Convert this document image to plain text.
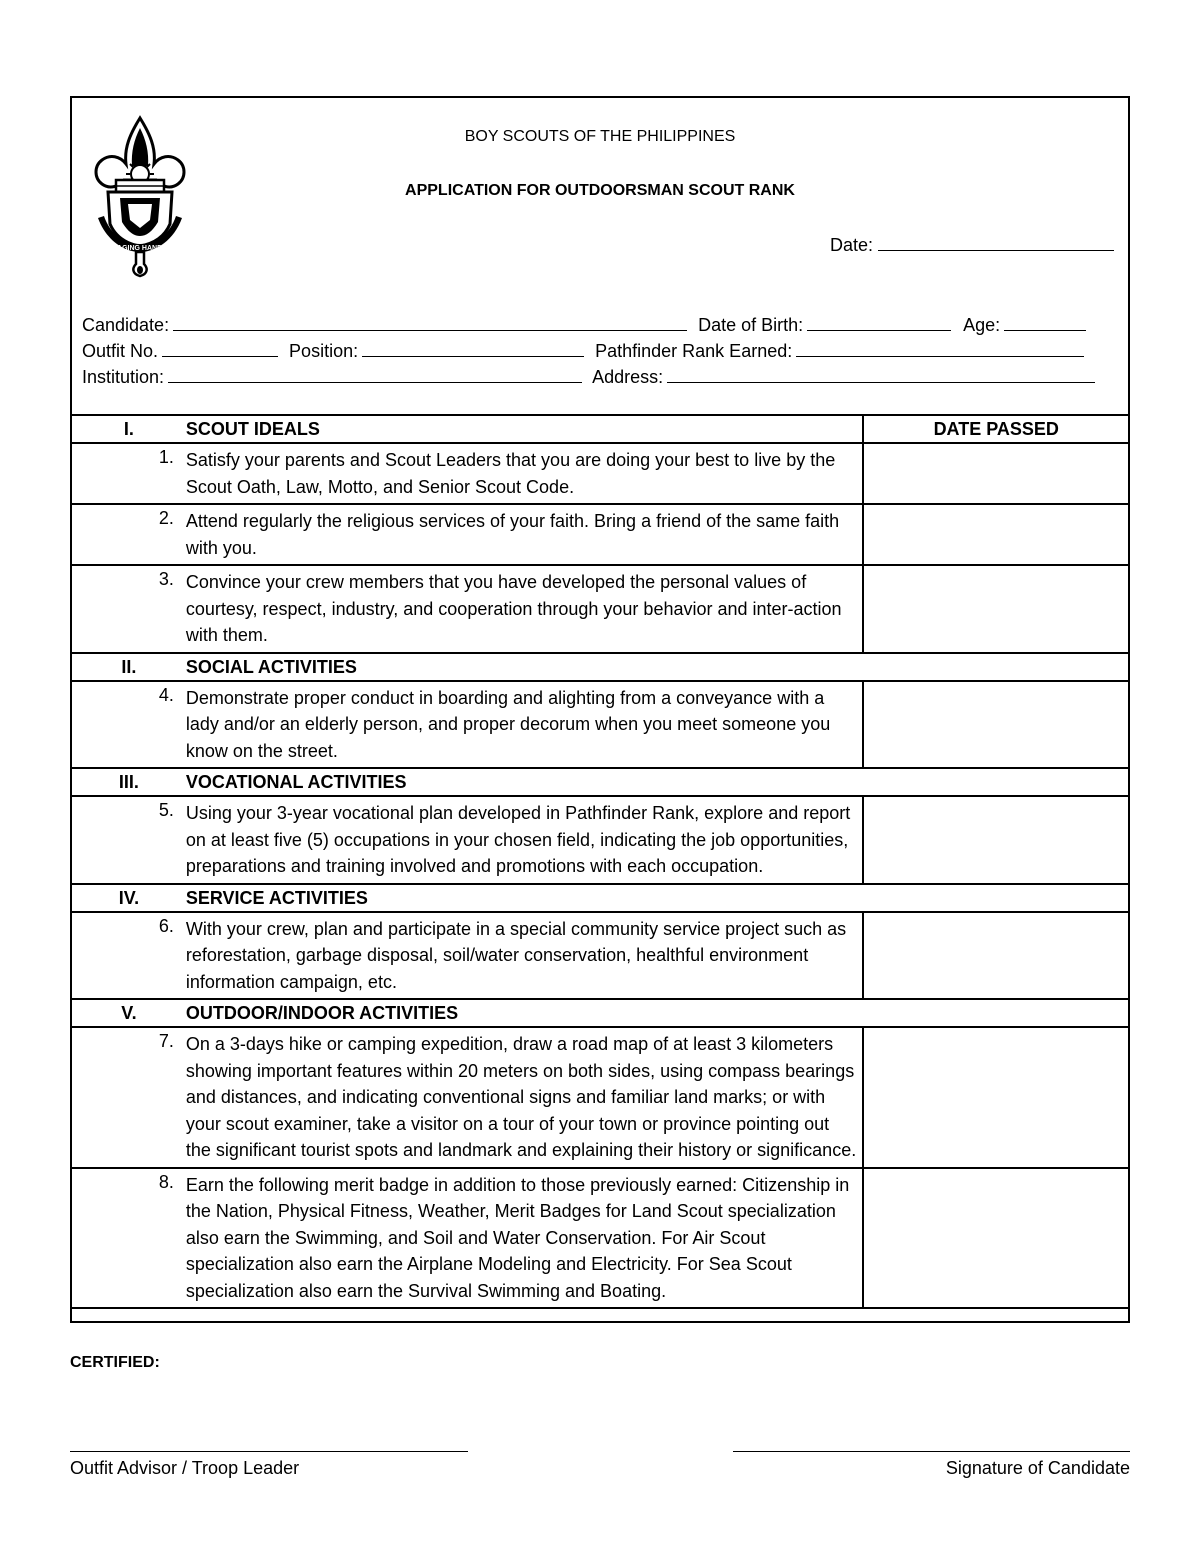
LAGING HANDA
BOY SCOUTS OF THE PHILIPPINES
APPLICATION FOR OUTDOORSMAN SCOUT RANK
Date:
Candidate:	Date of Birth:	Age:
Outfit No.	Position:	Pathfinder Rank Earned:
Institution:	Address:
I.	SCOUT IDEALS	DATE PASSED
1.	Satisfy your parents and Scout Leaders that you are doing your best to live by the Scout Oath, Law, Motto, and Senior Scout Code.	
2.	Attend regularly the religious services of your faith. Bring a friend of the same faith with you.	
3.	Convince your crew members that you have developed the personal values of courtesy, respect, industry, and cooperation through your behavior and inter-action with them.	
II.	SOCIAL ACTIVITIES	
4.	Demonstrate proper conduct in boarding and alighting from a conveyance with a lady and/or an elderly person, and proper decorum when you meet someone you know on the street.	
III.	VOCATIONAL ACTIVITIES	
5.	Using your 3-year vocational plan developed in Pathfinder Rank, explore and report on at least five (5) occupations in your chosen field, indicating the job opportunities, preparations and training involved and promotions with each occupation.	
IV.	SERVICE ACTIVITIES	
6.	With your crew, plan and participate in a special community service project such as reforestation, garbage disposal, soil/water conservation, healthful environment information campaign, etc.	
V.	OUTDOOR/INDOOR ACTIVITIES	
7.	On a 3-days hike or camping expedition, draw a road map of at least 3 kilometers showing important features within 20 meters on both sides, using compass bearings and distances, and indicating conventional signs and familiar land marks; or with your scout examiner, take a visitor on a tour of your town or province pointing out the significant tourist spots and landmark and explaining their history or significance.	
8.	Earn the following merit badge in addition to those previously earned: Citizenship in the Nation, Physical Fitness, Weather, Merit Badges for Land Scout specialization also earn the Swimming, and Soil and Water Conservation. For Air Scout specialization also earn the Airplane Modeling and Electricity. For Sea Scout specialization also earn the Survival Swimming and Boating.	
CERTIFIED:
Outfit Advisor / Troop Leader	Signature of Candidate
